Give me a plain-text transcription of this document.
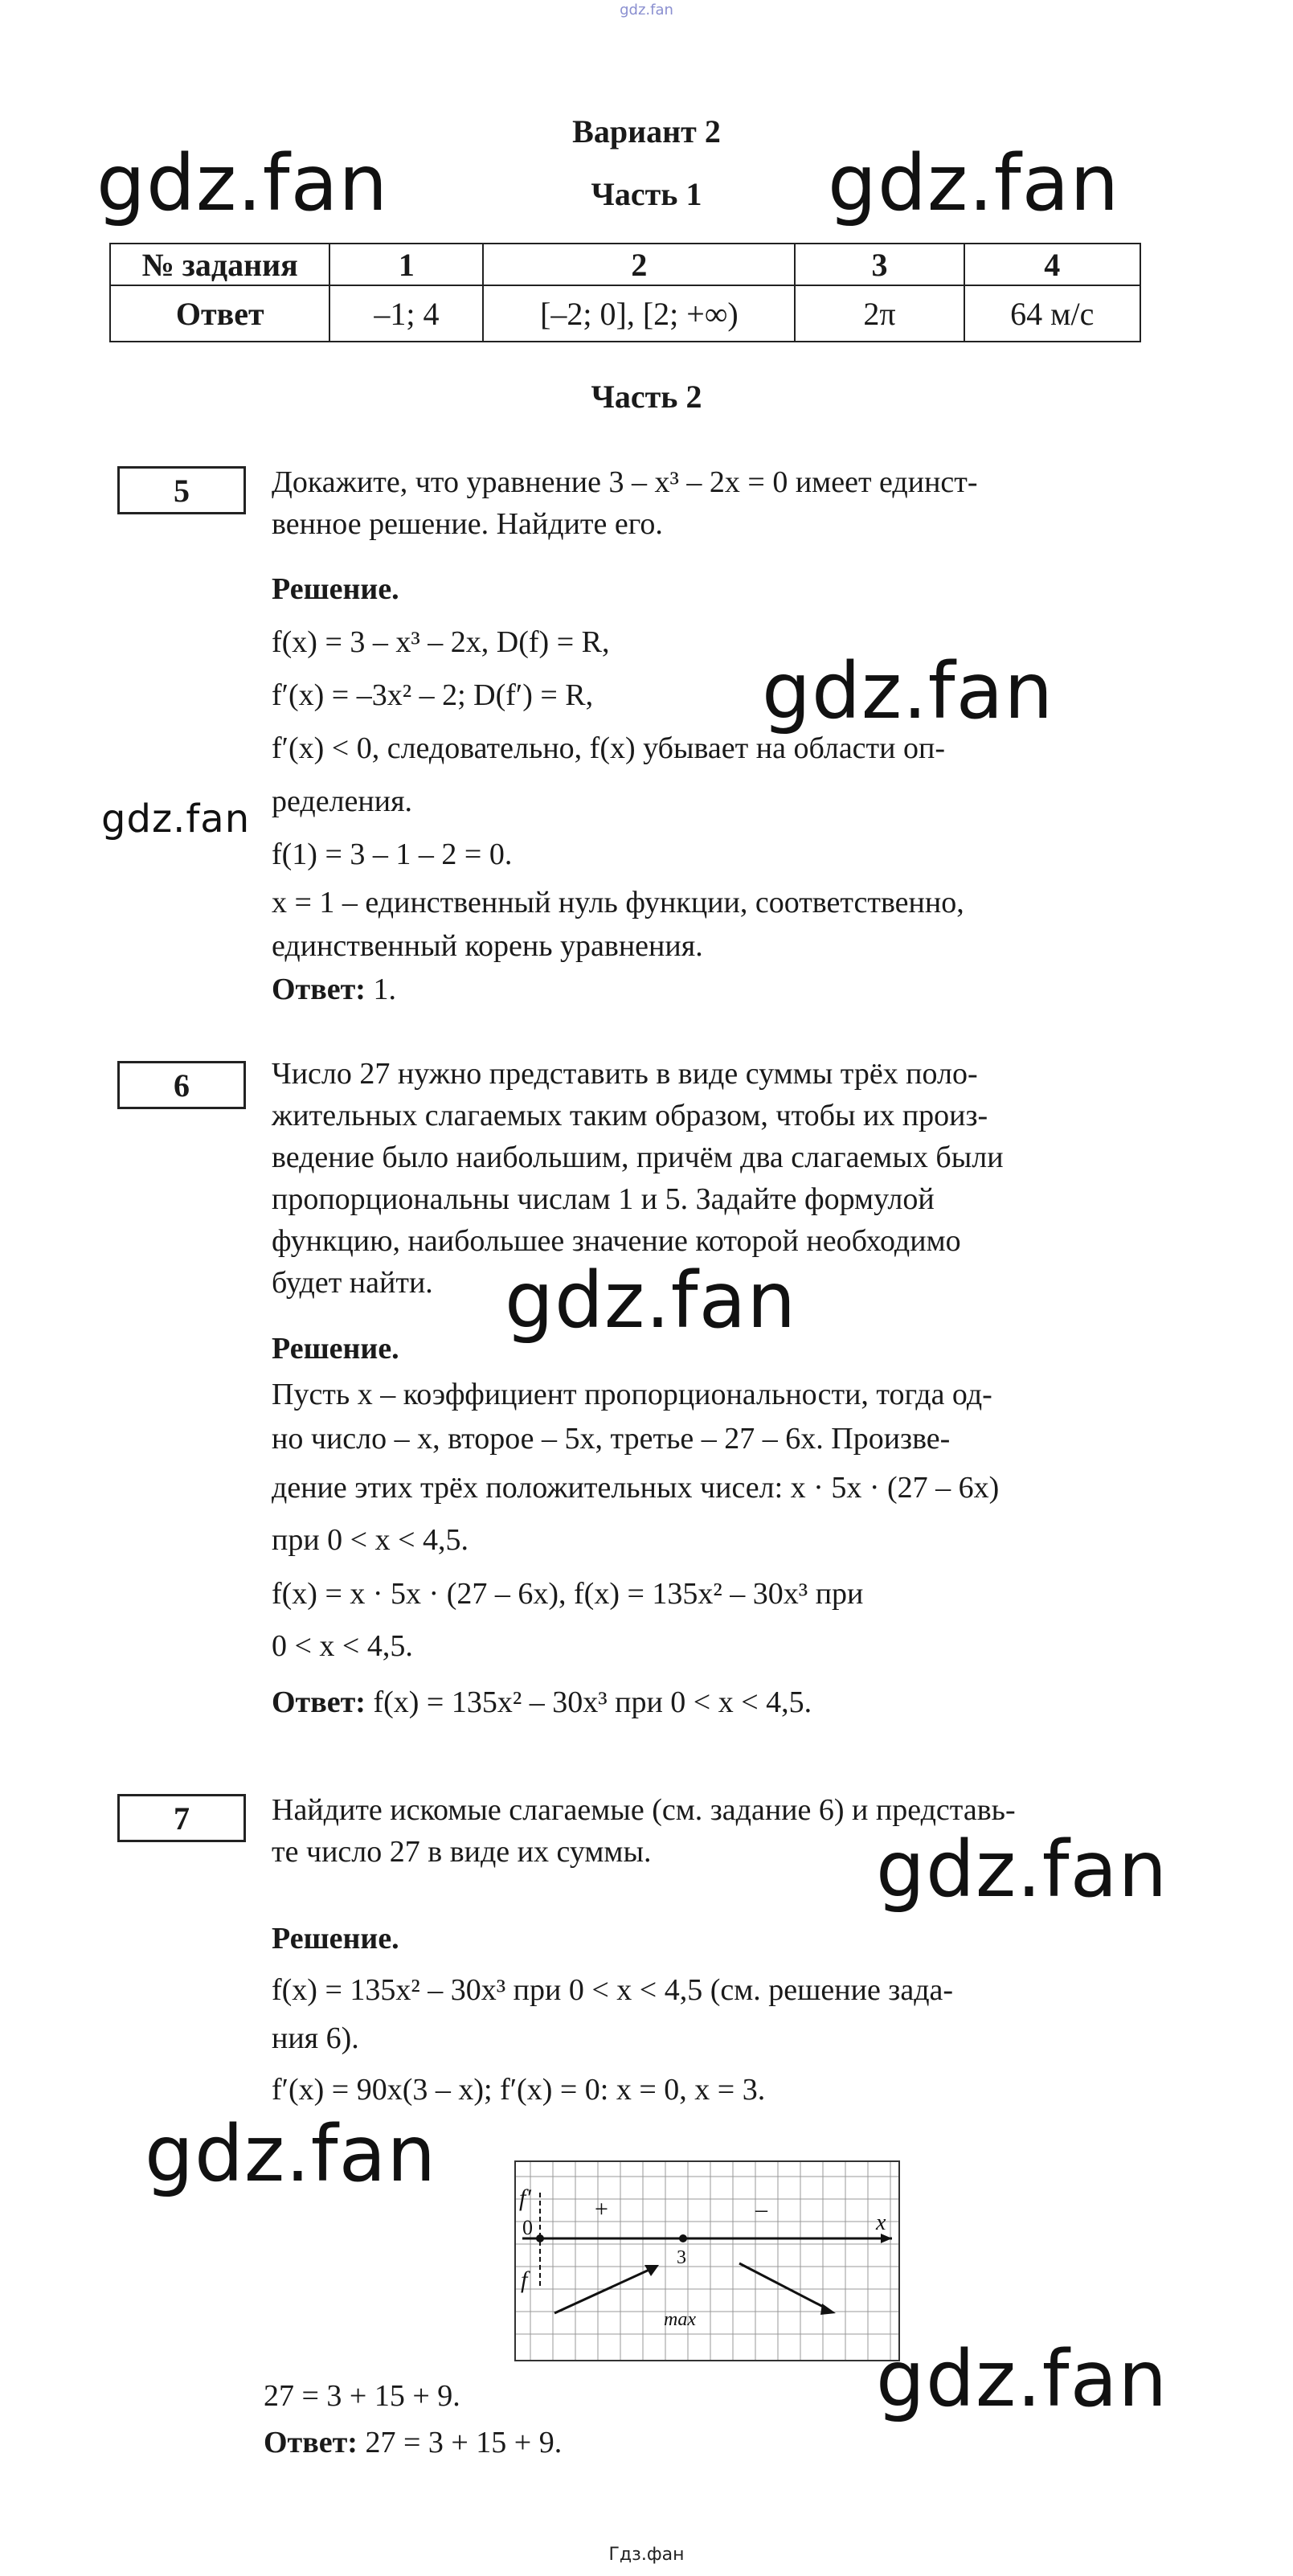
gdz.fan
Гдз.фан
Вариант 2
Часть 1
№ задания	1	2	3	4
Ответ	–1; 4	[–2; 0], [2; +∞)	2π	64 м/с
Часть 2
5	Докажите, что уравнение 3 – x³ – 2x = 0 имеет единст-
венное решение. Найдите его.
Решение.
f(x) = 3 – x³ – 2x, D(f) = R,
f′(x) = –3x² – 2; D(f′) = R,
f′(x) < 0, следовательно, f(x) убывает на области оп-
ределения.
f(1) = 3 – 1 – 2 = 0.
x = 1 – единственный нуль функции, соответственно,
единственный корень уравнения.
Ответ: 1.
6	Число 27 нужно представить в виде суммы трёх поло-
жительных слагаемых таким образом, чтобы их произ-
ведение было наибольшим, причём два слагаемых были
пропорциональны числам 1 и 5. Задайте формулой
функцию, наибольшее значение которой необходимо
будет найти.
Решение.
Пусть x – коэффициент пропорциональности, тогда од-
но число – x, второе – 5x, третье – 27 – 6x. Произве-
дение этих трёх положительных чисел: x · 5x · (27 – 6x)
при 0 < x < 4,5.
f(x) = x · 5x · (27 – 6x), f(x) = 135x² – 30x³ при
0 < x < 4,5.
Ответ: f(x) = 135x² – 30x³ при 0 < x < 4,5.
7	Найдите искомые слагаемые (см. задание 6) и представь-
те число 27 в виде их суммы.
Решение.
f(x) = 135x² – 30x³ при 0 < x < 4,5 (см. решение зада-
ния 6).
f′(x) = 90x(3 – x); f′(x) = 0: x = 0, x = 3.
f′
f
0
+	–
3
x
max
27 = 3 + 15 + 9.
Ответ: 27 = 3 + 15 + 9.
gdz.fan	gdz.fan
gdz.fan
gdz.fan
gdz.fan
gdz.fan
gdz.fan
gdz.fan
